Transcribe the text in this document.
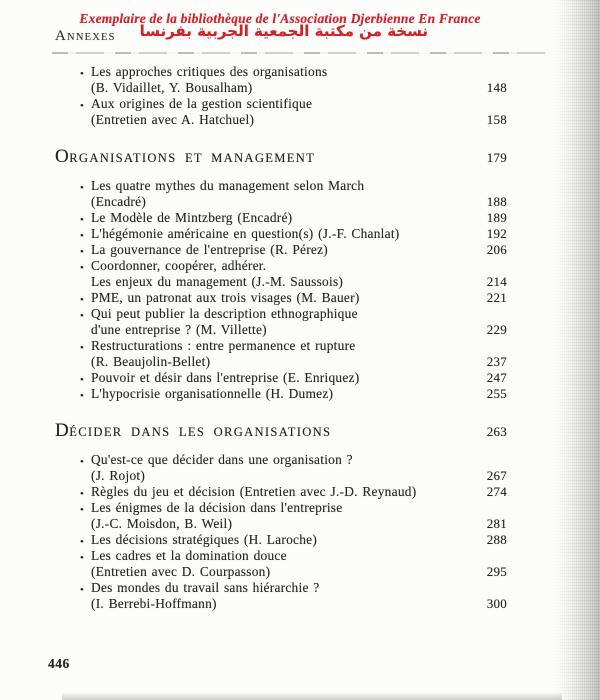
Exemplaire de la bibliothèque de l'Association Djerbienne En France
ANNEXES نسخة من مكتبة الجمعية الجربية بفرنسا
• Les approches critiques des organisations
(B. Vidaillet, Y. Bousalham)	148
• Aux origines de la gestion scientifique
(Entretien avec A. Hatchuel)	158
ORGANISATIONS ET MANAGEMENT	179
• Les quatre mythes du management selon March
(Encadré)	188
• Le Modèle de Mintzberg (Encadré)	189
• L'hégémonie américaine en question(s) (J.-F. Chanlat)	192
• La gouvernance de l'entreprise (R. Pérez)	206
• Coordonner, coopérer, adhérer.
Les enjeux du management (J.-M. Saussois)	214
• PME, un patronat aux trois visages (M. Bauer)	221
• Qui peut publier la description ethnographique
d'une entreprise ? (M. Villette)	229
• Restructurations : entre permanence et rupture
(R. Beaujolin-Bellet)	237
• Pouvoir et désir dans l'entreprise (E. Enriquez)	247
• L'hypocrisie organisationnelle (H. Dumez)	255
DÉCIDER DANS LES ORGANISATIONS	263
• Qu'est-ce que décider dans une organisation ?
(J. Rojot)	267
• Règles du jeu et décision (Entretien avec J.-D. Reynaud)	274
• Les énigmes de la décision dans l'entreprise
(J.-C. Moisdon, B. Weil)	281
• Les décisions stratégiques (H. Laroche)	288
• Les cadres et la domination douce
(Entretien avec D. Courpasson)	295
• Des mondes du travail sans hiérarchie ?
(I. Berrebi-Hoffmann)	300
446
